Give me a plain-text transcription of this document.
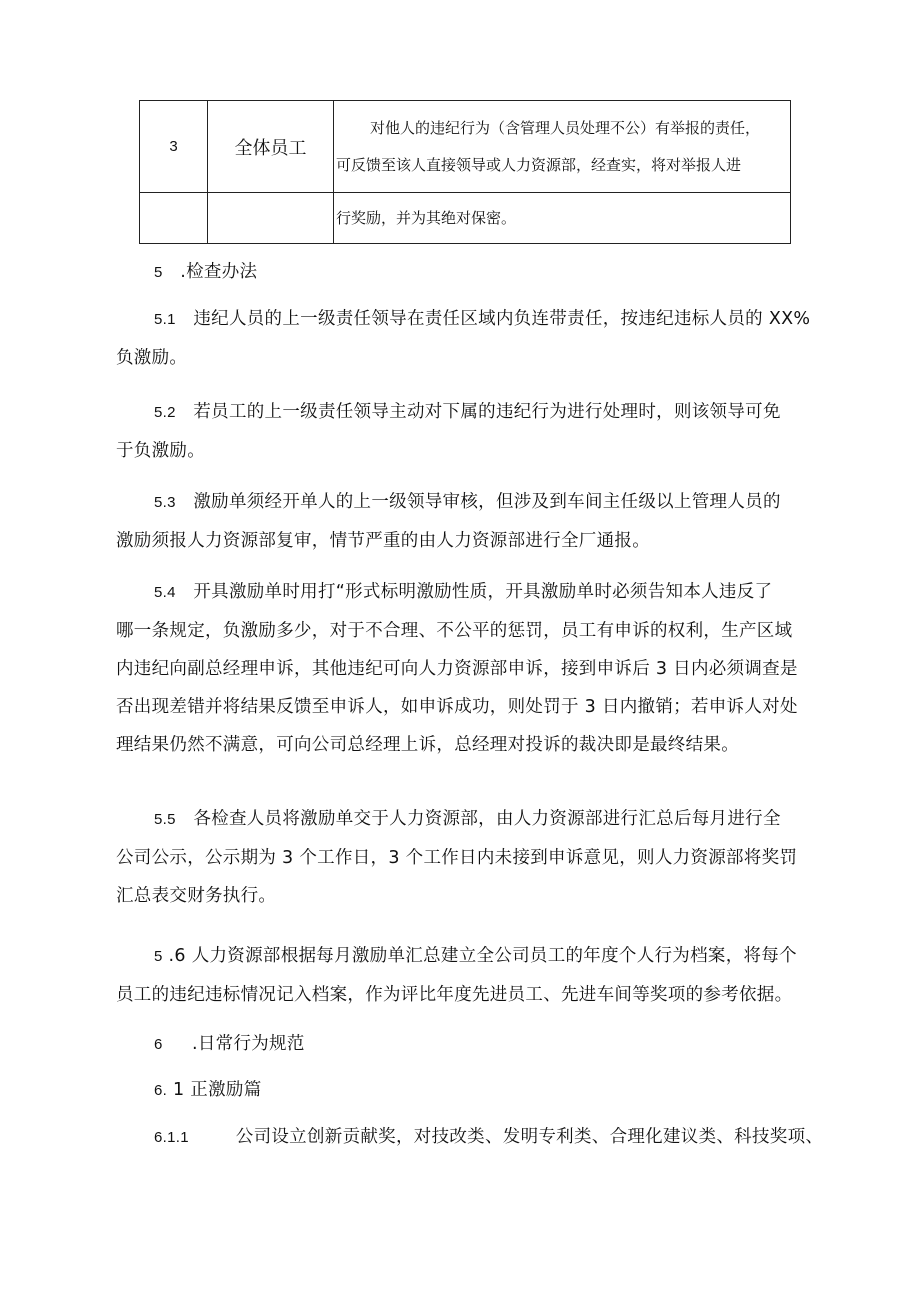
3	全体员工	对他人的违纪行为（含管理人员处理不公）有举报的责任，
可反馈至该人直接领导或人力资源部，经查实，将对举报人进

		行奖励，并为其绝对保密。
5 .检查办法
5.1 违纪人员的上一级责任领导在责任区域内负连带责任，按违纪违标人员的 XX%
负激励。
5.2 若员工的上一级责任领导主动对下属的违纪行为进行处理时，则该领导可免
于负激励。
5.3 激励单须经开单人的上一级领导审核，但涉及到车间主任级以上管理人员的
激励须报人力资源部复审，情节严重的由人力资源部进行全厂通报。
5.4 开具激励单时用打“形式标明激励性质，开具激励单时必须告知本人违反了
哪一条规定，负激励多少，对于不合理、不公平的惩罚，员工有申诉的权利，生产区域
内违纪向副总经理申诉，其他违纪可向人力资源部申诉，接到申诉后 3 日内必须调查是
否出现差错并将结果反馈至申诉人，如申诉成功，则处罚于 3 日内撤销；若申诉人对处
理结果仍然不满意，可向公司总经理上诉，总经理对投诉的裁决即是最终结果。
5.5 各检查人员将激励单交于人力资源部，由人力资源部进行汇总后每月进行全
公司公示，公示期为 3 个工作日，3 个工作日内未接到申诉意见，则人力资源部将奖罚
汇总表交财务执行。
5 .6 人力资源部根据每月激励单汇总建立全公司员工的年度个人行为档案，将每个
员工的违纪违标情况记入档案，作为评比年度先进员工、先进车间等奖项的参考依据。
6 .日常行为规范
6. 1 正激励篇
6.1.1	公司设立创新贡献奖，对技改类、发明专利类、合理化建议类、科技奖项、
